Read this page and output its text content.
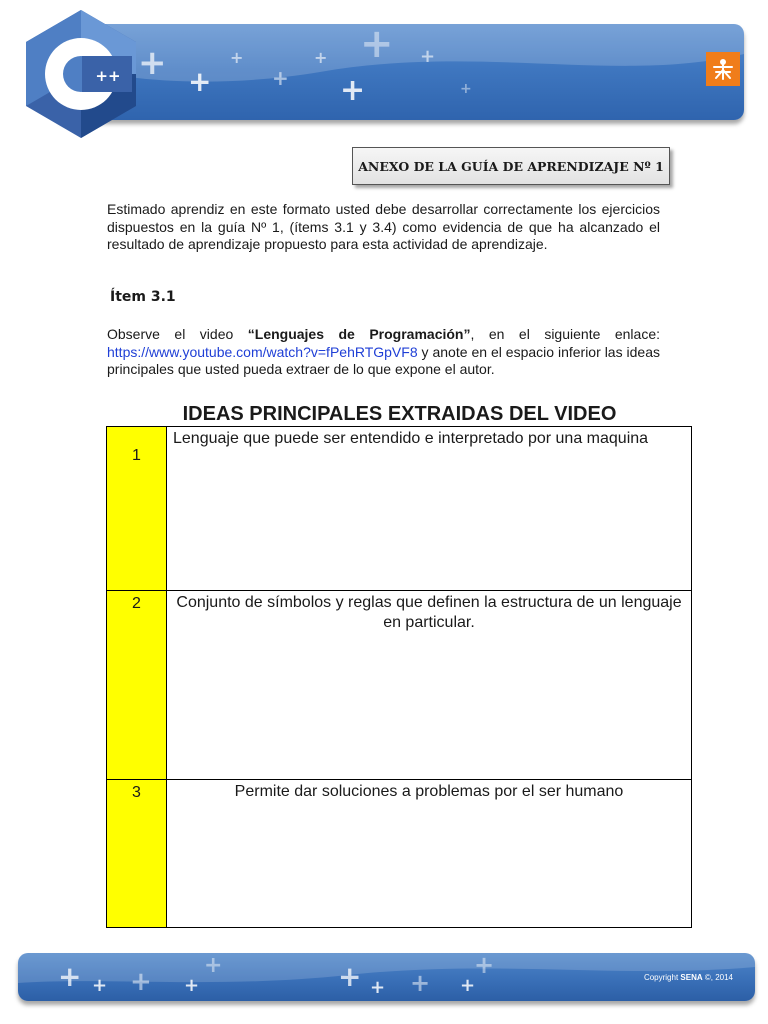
+ +
+
+
+ +
+
+
+
++
ANEXO DE LA GUÍA DE APRENDIZAJE Nº 1
Estimado aprendiz en este formato usted debe desarrollar correctamente los ejercicios dispuestos en la guía Nº 1, (ítems 3.1 y 3.4) como evidencia de que ha alcanzado el resultado de aprendizaje propuesto para esta actividad de aprendizaje.
Ítem 3.1
Observe el video “Lenguajes de Programación”, en el siguiente enlace: https://www.youtube.com/watch?v=fPehRTGpVF8 y anote en el espacio inferior las ideas principales que usted pueda extraer de lo que expone el autor.
IDEAS PRINCIPALES EXTRAIDAS DEL VIDEO
1	Lenguaje que puede ser entendido e interpretado por una maquina

2	Conjunto de símbolos y reglas que definen la estructura de un lenguaje en particular.

3	Permite dar soluciones a problemas por el ser humano
+ + + +
+	+ + + +
+	Copyright SENA ©, 2014
